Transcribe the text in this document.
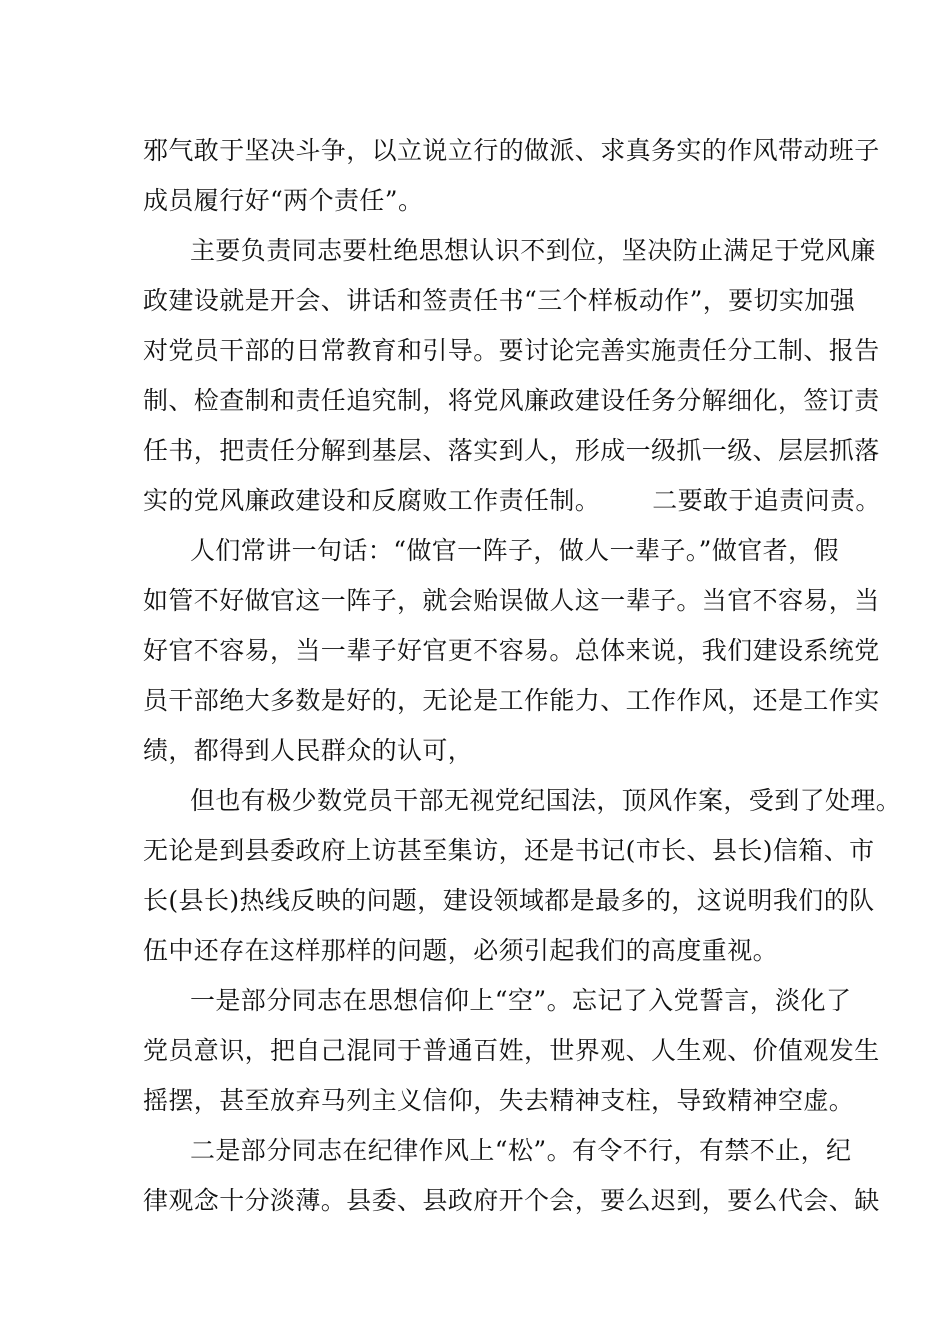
邪气敢于坚决斗争，以立说立行的做派、求真务实的作风带动班子
成员履行好“两个责任”。
主要负责同志要杜绝思想认识不到位，坚决防止满足于党风廉
政建设就是开会、讲话和签责任书“三个样板动作”，要切实加强
对党员干部的日常教育和引导。要讨论完善实施责任分工制、报告
制、检查制和责任追究制，将党风廉政建设任务分解细化，签订责
任书，把责任分解到基层、落实到人，形成一级抓一级、层层抓落
实的党风廉政建设和反腐败工作责任制。 二要敢于追责问责。
人们常讲一句话：“做官一阵子，做人一辈子。”做官者，假
如管不好做官这一阵子，就会贻误做人这一辈子。当官不容易，当
好官不容易，当一辈子好官更不容易。总体来说，我们建设系统党
员干部绝大多数是好的，无论是工作能力、工作作风，还是工作实
绩，都得到人民群众的认可，
但也有极少数党员干部无视党纪国法，顶风作案，受到了处理。
无论是到县委政府上访甚至集访，还是书记(市长、县长)信箱、市
长(县长)热线反映的问题，建设领域都是最多的，这说明我们的队
伍中还存在这样那样的问题，必须引起我们的高度重视。
一是部分同志在思想信仰上“空”。忘记了入党誓言，淡化了
党员意识，把自己混同于普通百姓，世界观、人生观、价值观发生
摇摆，甚至放弃马列主义信仰，失去精神支柱，导致精神空虚。
二是部分同志在纪律作风上“松”。有令不行，有禁不止，纪
律观念十分淡薄。县委、县政府开个会，要么迟到，要么代会、缺
